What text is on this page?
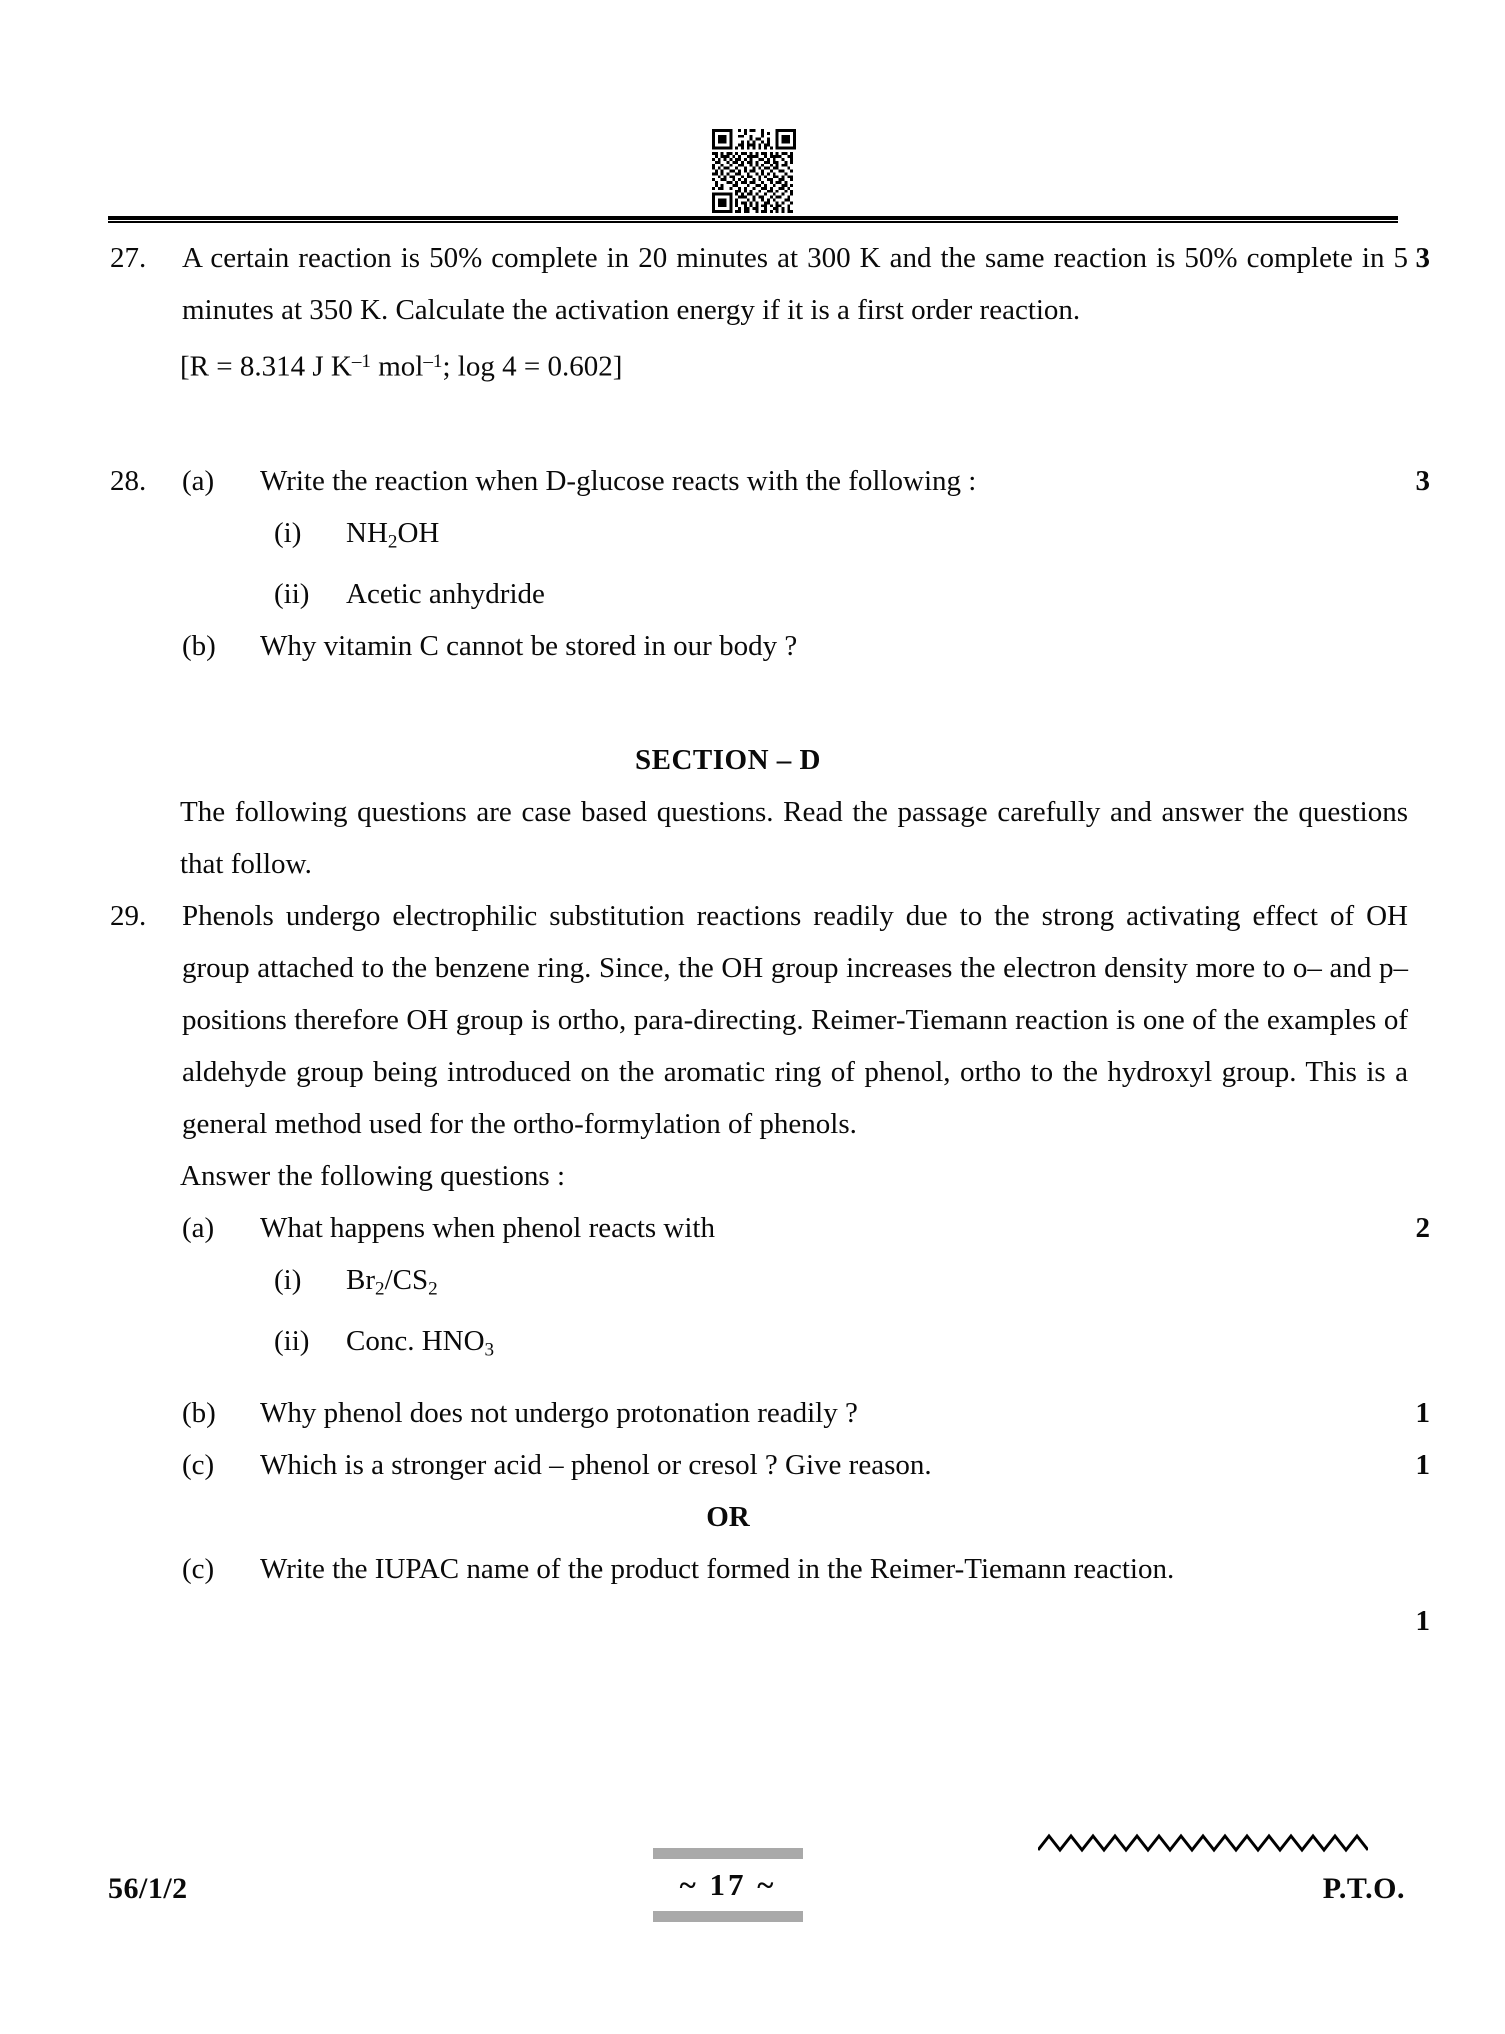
27.	A certain reaction is 50% complete in 20 minutes at 300 K and the same reaction is 50% complete in 5 minutes at 350 K. Calculate the activation energy if it is a first order reaction.
3
[R = 8.314 J $K^{-1}$ mol$^{-1}$; log 4 = 0.602]
28.	(a)	Write the reaction when D-glucose reacts with the following :	3
(i)	$NH_2OH$
(ii)	Acetic anhydride
(b)	Why vitamin C cannot be stored in our body ?
SECTION – D
The following questions are case based questions. Read the passage carefully and answer the questions that follow.
29.	Phenols undergo electrophilic substitution reactions readily due to the strong activating effect of OH group attached to the benzene ring. Since, the OH group increases the electron density more to o– and p– positions therefore OH group is ortho, para-directing. Reimer-Tiemann reaction is one of the examples of aldehyde group being introduced on the aromatic ring of phenol, ortho to the hydroxyl group. This is a general method used for the ortho-formylation of phenols.
Answer the following questions :
(a)	What happens when phenol reacts with	2
(i)	$Br_2/CS_2$
(ii)	Conc. $HNO_3$
(b)	Why phenol does not undergo protonation readily ?	1
(c)	Which is a stronger acid – phenol or cresol ? Give reason.	1
OR
(c)	Write the IUPAC name of the product formed in the Reimer-Tiemann reaction.
1
56/1/2	~ 17 ~	P.T.O.
